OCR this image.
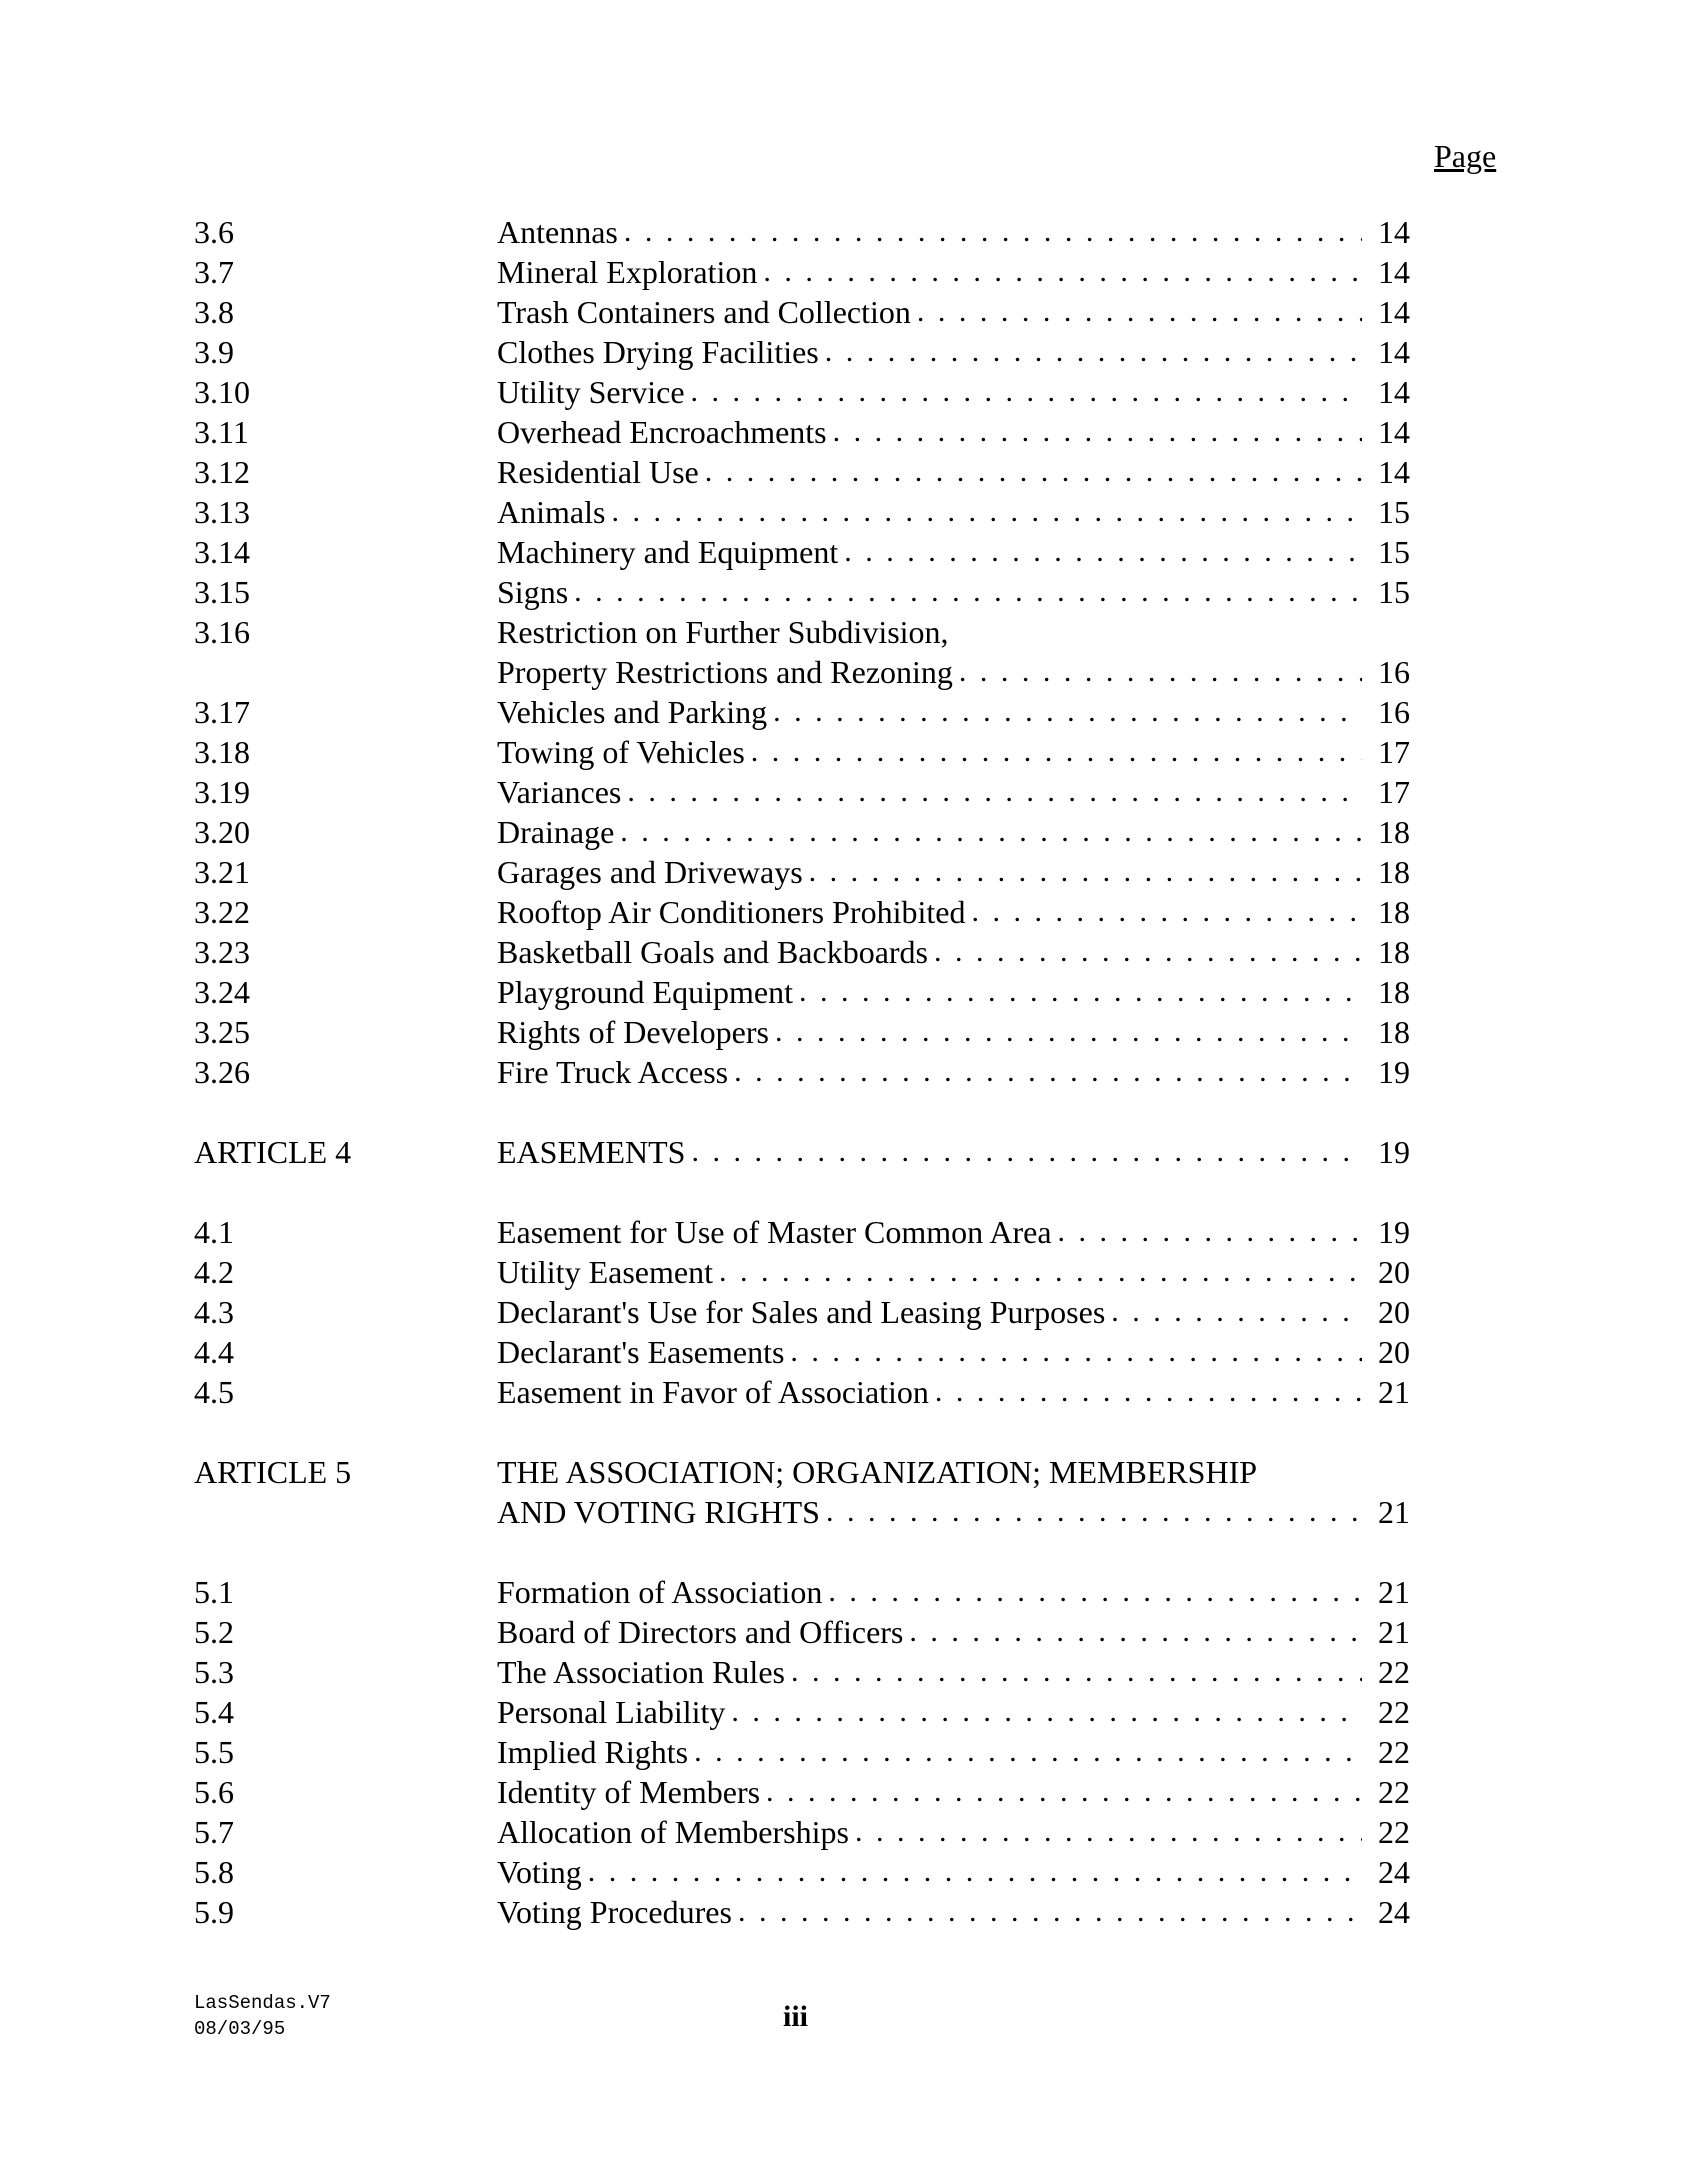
Page
3.6	Antennas . . .	14
3.7	Mineral Exploration . . .	14
3.8	Trash Containers and Collection . . .	14
3.9	Clothes Drying Facilities . . .	14
3.10	Utility Service . . .	14
3.11	Overhead Encroachments . . .	14
3.12	Residential Use . . .	14
3.13	Animals . . .	15
3.14	Machinery and Equipment . . .	15
3.15	Signs . . .	15
3.16	Restriction on Further Subdivision,
Property Restrictions and Rezoning . . .	16
3.17	Vehicles and Parking . . .	16
3.18	Towing of Vehicles . . .	17
3.19	Variances . . .	17
3.20	Drainage . . .	18
3.21	Garages and Driveways . . .	18
3.22	Rooftop Air Conditioners Prohibited . . .	18
3.23	Basketball Goals and Backboards . . .	18
3.24	Playground Equipment . . .	18
3.25	Rights of Developers . . .	18
3.26	Fire Truck Access . . .	19
ARTICLE 4	EASEMENTS . . .	19
4.1	Easement for Use of Master Common Area . . .	19
4.2	Utility Easement . . .	20
4.3	Declarant's Use for Sales and Leasing Purposes . . .	20
4.4	Declarant's Easements . . .	20
4.5	Easement in Favor of Association . . .	21
ARTICLE 5	THE ASSOCIATION; ORGANIZATION; MEMBERSHIP
AND VOTING RIGHTS . . .	21
5.1	Formation of Association . . .	21
5.2	Board of Directors and Officers . . .	21
5.3	The Association Rules . . .	22
5.4	Personal Liability . . .	22
5.5	Implied Rights . . .	22
5.6	Identity of Members . . .	22
5.7	Allocation of Memberships . . .	22
5.8	Voting . . .	24
5.9	Voting Procedures . . .	24
LasSendas.V7
08/03/95	iii
